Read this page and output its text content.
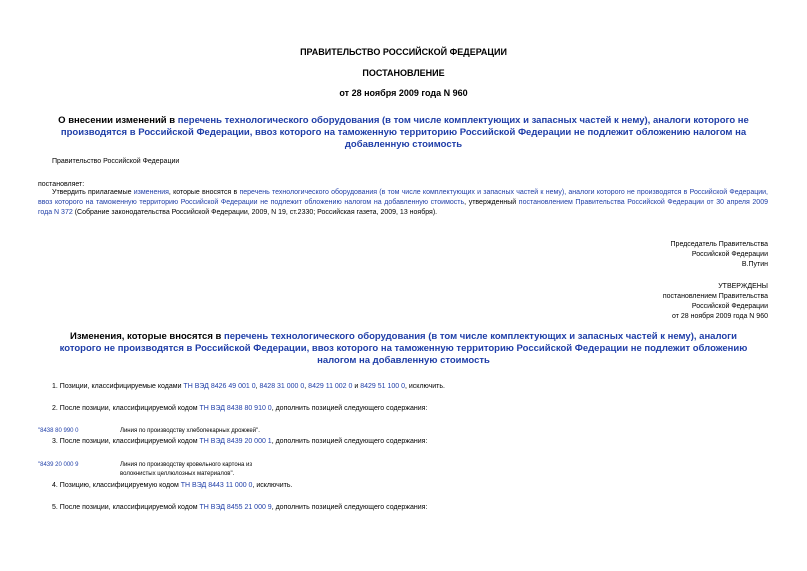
ПРАВИТЕЛЬСТВО РОССИЙСКОЙ ФЕДЕРАЦИИ
ПОСТАНОВЛЕНИЕ
от 28 ноября 2009 года N 960
О внесении изменений в перечень технологического оборудования (в том числе комплектующих и запасных частей к нему), аналоги которого не производятся в Российской Федерации, ввоз которого на таможенную территорию Российской Федерации не подлежит обложению налогом на добавленную стоимость
Правительство Российской Федерации
постановляет:
Утвердить прилагаемые изменения, которые вносятся в перечень технологического оборудования (в том числе комплектующих и запасных частей к нему), аналоги которого не производятся в Российской Федерации, ввоз которого на таможенную территорию Российской Федерации не подлежит обложению налогом на добавленную стоимость, утвержденный постановлением Правительства Российской Федерации от 30 апреля 2009 года N 372 (Собрание законодательства Российской Федерации, 2009, N 19, ст.2330; Российская газета, 2009, 13 ноября).
Председатель Правительства
Российской Федерации
В.Путин
УТВЕРЖДЕНЫ
постановлением Правительства
Российской Федерации
от 28 ноября 2009 года N 960
Изменения, которые вносятся в перечень технологического оборудования (в том числе комплектующих и запасных частей к нему), аналоги которого не производятся в Российской Федерации, ввоз которого на таможенную территорию Российской Федерации не подлежит обложению налогом на добавленную стоимость
1. Позиции, классифицируемые кодами ТН ВЭД 8426 49 001 0, 8428 31 000 0, 8429 11 002 0 и 8429 51 100 0, исключить.
2. После позиции, классифицируемой кодом ТН ВЭД 8438 80 910 0, дополнить позицией следующего содержания:
"8438 80 990 0	Линия по производству хлебопекарных дрожжей".
3. После позиции, классифицируемой кодом ТН ВЭД 8439 20 000 1, дополнить позицией следующего содержания:
"8439 20 000 9	Линия по производству кровельного картона из
волокнистых целлюлозных материалов".
4. Позицию, классифицируемую кодом ТН ВЭД 8443 11 000 0, исключить.
5. После позиции, классифицируемой кодом ТН ВЭД 8455 21 000 9, дополнить позицией следующего содержания:
